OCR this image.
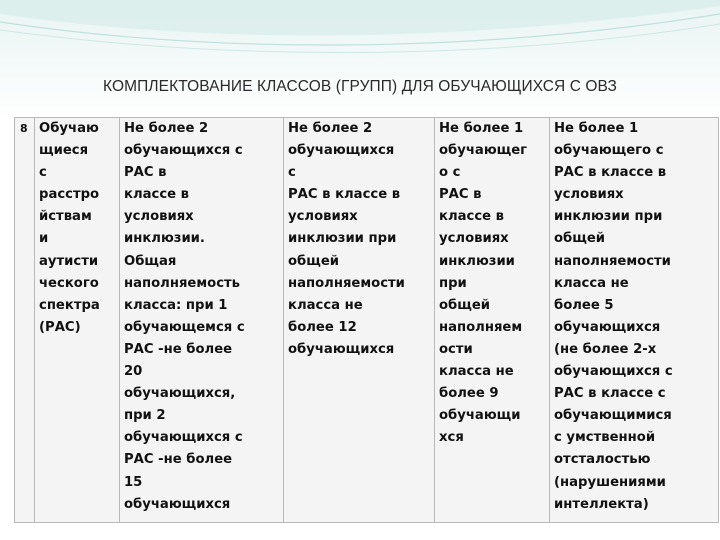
КОМПЛЕКТОВАНИЕ КЛАССОВ (ГРУПП) ДЛЯ ОБУЧАЮЩИХСЯ С ОВЗ
8	Обучаю
щиеся
с
расстро
йствам
и
аутисти
ческого
спектра
(РАС)

Не более 2
обучающихся с
РАС в
классе в
условиях
инклюзии.
Общая
наполняемость
класса: при 1
обучающемся с
РАС -не более
20
обучающихся,
при 2
обучающихся с
РАС -не более
15
обучающихся

Не более 2
обучающихся
с
РАС в классе в
условиях
инклюзии при
общей
наполняемости
класса не
более 12
обучающихся

Не более 1
обучающег
о с
РАС в
классе в
условиях
инклюзии
при
общей
наполняем
ости
класса не
более 9
обучающи
хся

Не более 1
обучающего с
РАС в классе в
условиях
инклюзии при
общей
наполняемости
класса не
более 5
обучающихся
(не более 2-х
обучающихся с
РАС в классе с
обучающимися
с умственной
отсталостью
(нарушениями
интеллекта)
